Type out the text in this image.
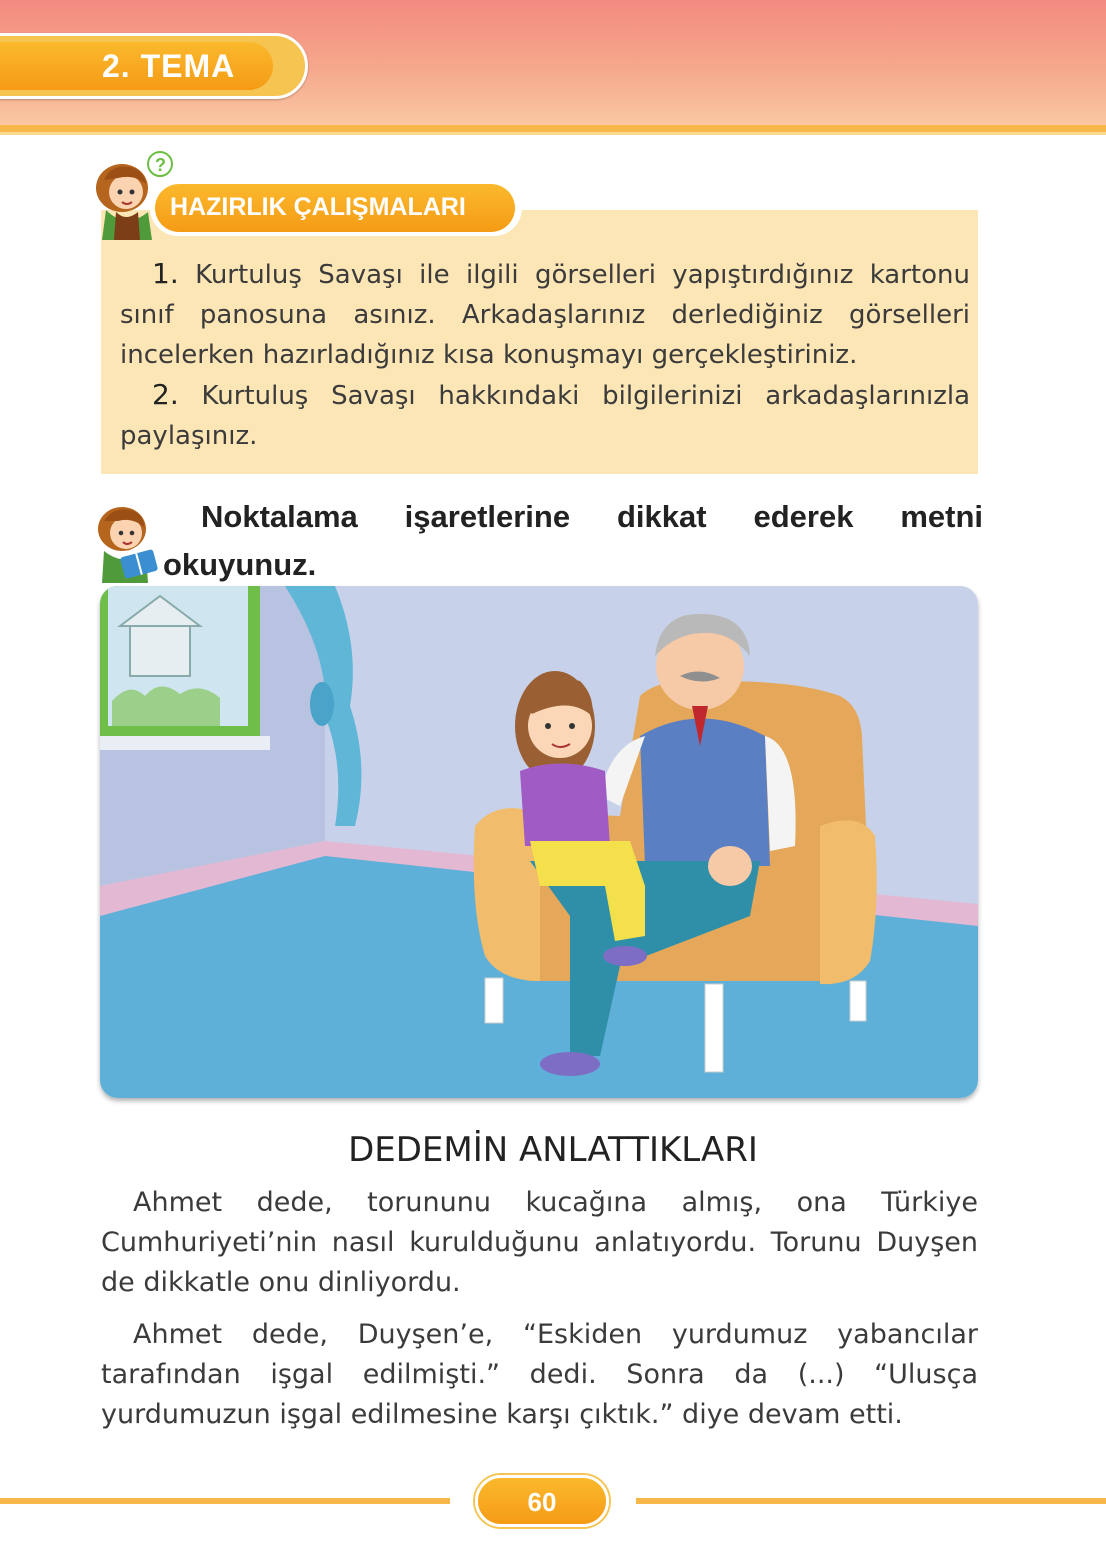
2. TEMA
HAZIRLIK ÇALIŞMALARI
?

1. Kurtuluş Savaşı ile ilgili görselleri yapıştırdığınız kartonu sınıf panosuna asınız. Arkadaşlarınız derlediğiniz görselleri incelerken hazırladığınız kısa konuşmayı gerçekleştiriniz.

2. Kurtuluş Savaşı hakkındaki bilgilerinizi arkadaşlarınızla paylaşınız.

Noktalama işaretlerine dikkat ederek metni okuyunuz.
DEDEMİN ANLATTIKLARI

Ahmet dede, torununu kucağına almış, ona Türkiye Cumhuriyeti’nin nasıl kurulduğunu anlatıyordu. Torunu Duyşen de dikkatle onu dinliyordu.

Ahmet dede, Duyşen’e, “Eskiden yurdumuz yabancılar tarafından işgal edilmişti.” dedi. Sonra da (...) “Ulusça yurdumuzun işgal edilmesine karşı çıktık.” diye devam etti.

60
